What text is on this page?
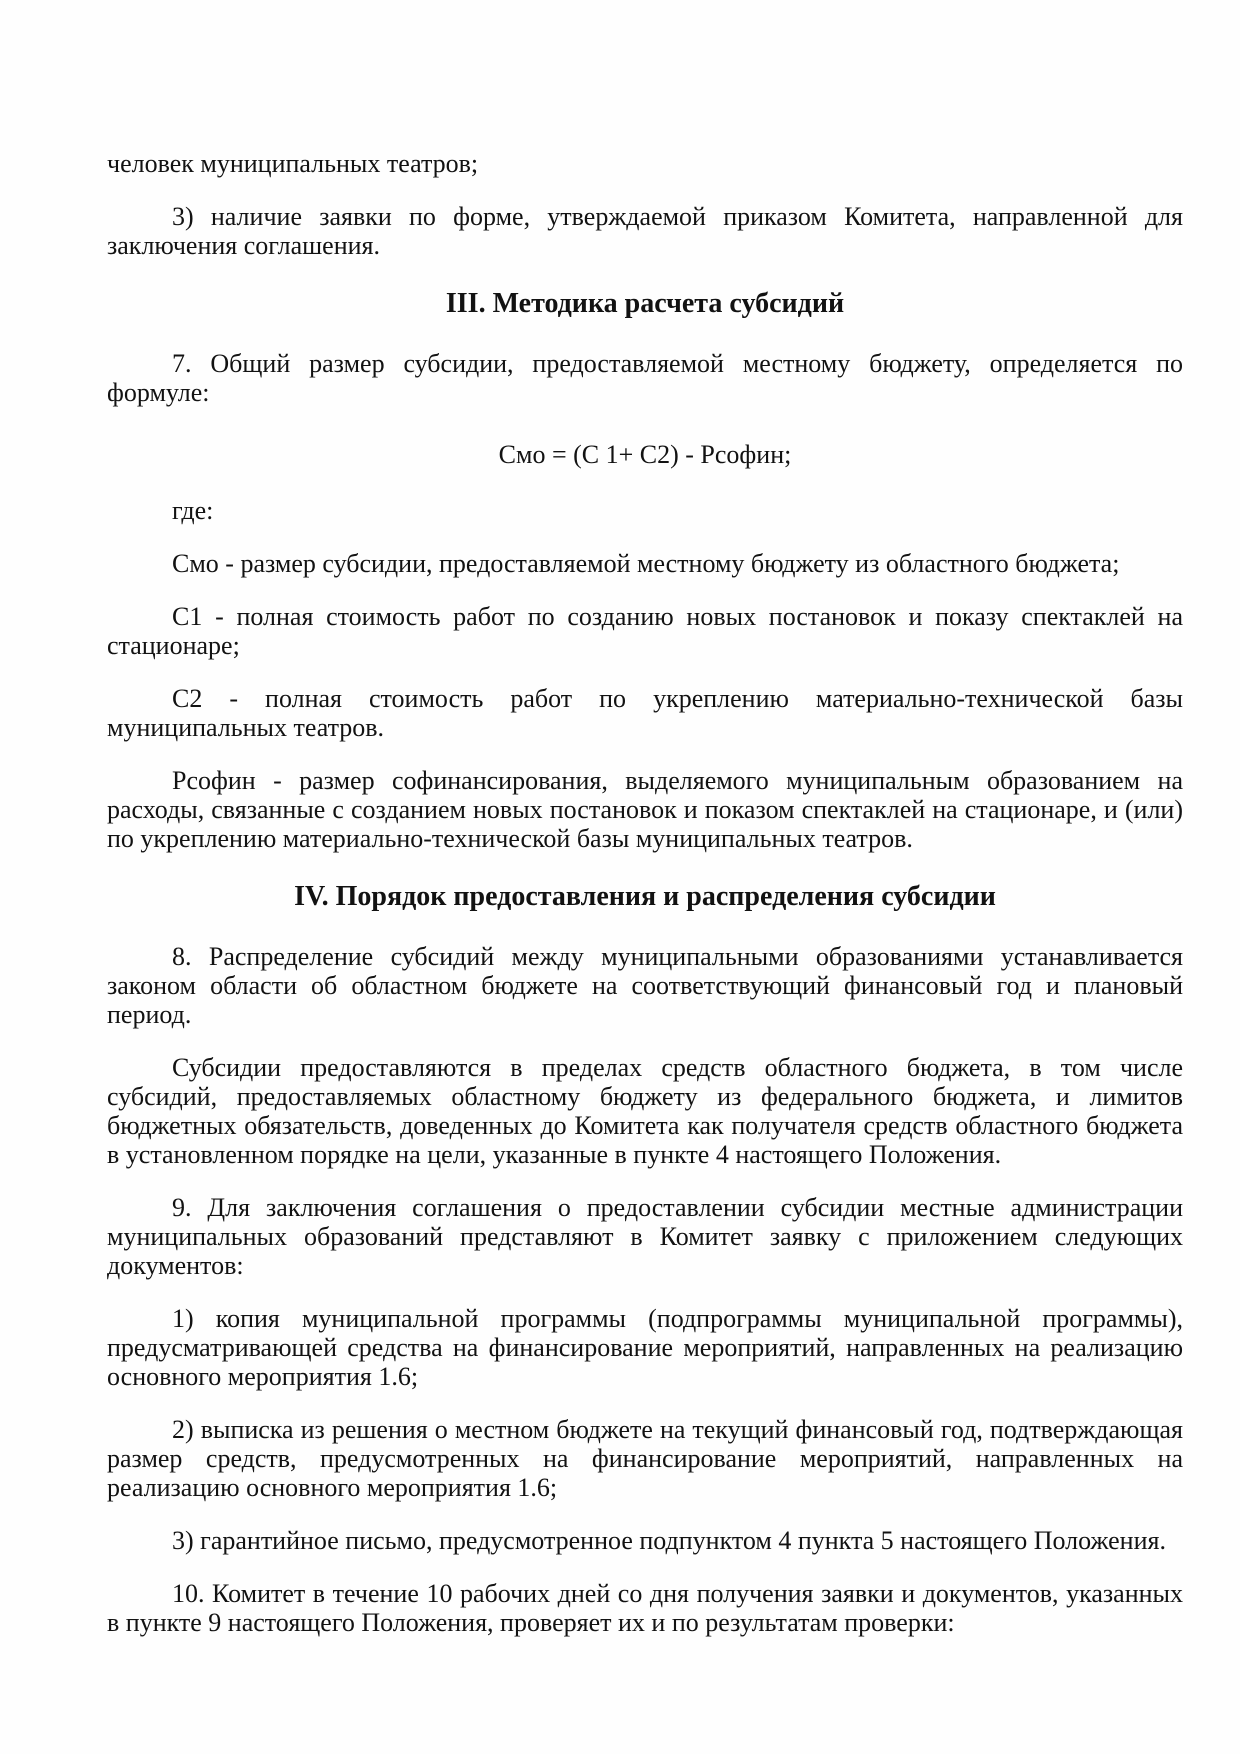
человек муниципальных театров;

3) наличие заявки по форме, утверждаемой приказом Комитета, направленной для заключения соглашения.

III. Методика расчета субсидий

7. Общий размер субсидии, предоставляемой местному бюджету, определяется по формуле:

Смо = (С 1+ С2) - Рсофин;

где:

Смо - размер субсидии, предоставляемой местному бюджету из областного бюджета;

С1 - полная стоимость работ по созданию новых постановок и показу спектаклей на стационаре;

С2 - полная стоимость работ по укреплению материально-технической базы муниципальных театров.

Рсофин - размер софинансирования, выделяемого муниципальным образованием на расходы, связанные с созданием новых постановок и показом спектаклей на стационаре, и (или) по укреплению материально-технической базы муниципальных театров.

IV. Порядок предоставления и распределения субсидии

8. Распределение субсидий между муниципальными образованиями устанавливается законом области об областном бюджете на соответствующий финансовый год и плановый период.

Субсидии предоставляются в пределах средств областного бюджета, в том числе субсидий, предоставляемых областному бюджету из федерального бюджета, и лимитов бюджетных обязательств, доведенных до Комитета как получателя средств областного бюджета в установленном порядке на цели, указанные в пункте 4 настоящего Положения.

9. Для заключения соглашения о предоставлении субсидии местные администрации муниципальных образований представляют в Комитет заявку с приложением следующих документов:

1) копия муниципальной программы (подпрограммы муниципальной программы), предусматривающей средства на финансирование мероприятий, направленных на реализацию основного мероприятия 1.6;

2) выписка из решения о местном бюджете на текущий финансовый год, подтверждающая размер средств, предусмотренных на финансирование мероприятий, направленных на реализацию основного мероприятия 1.6;

3) гарантийное письмо, предусмотренное подпунктом 4 пункта 5 настоящего Положения.

10. Комитет в течение 10 рабочих дней со дня получения заявки и документов, указанных в пункте 9 настоящего Положения, проверяет их и по результатам проверки:
